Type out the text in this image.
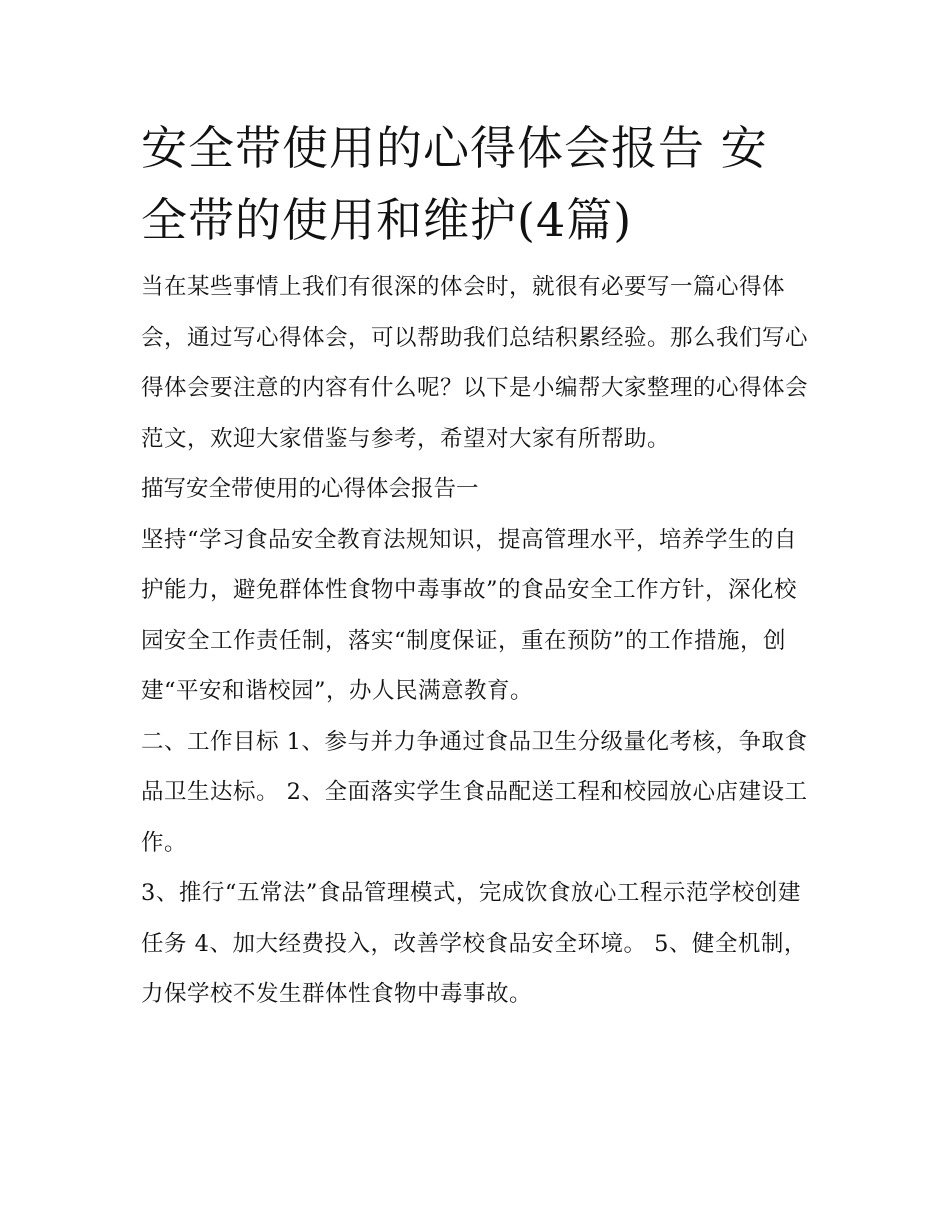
安全带使用的心得体会报告 安全带的使用和维护(4篇)

当在某些事情上我们有很深的体会时，就很有必要写一篇心得体会，通过写心得体会，可以帮助我们总结积累经验。那么我们写心得体会要注意的内容有什么呢？以下是小编帮大家整理的心得体会范文，欢迎大家借鉴与参考，希望对大家有所帮助。

描写安全带使用的心得体会报告一

坚持“学习食品安全教育法规知识，提高管理水平，培养学生的自护能力，避免群体性食物中毒事故”的食品安全工作方针，深化校园安全工作责任制，落实“制度保证，重在预防”的工作措施，创建“平安和谐校园”，办人民满意教育。

二、工作目标 1、参与并力争通过食品卫生分级量化考核，争取食品卫生达标。 2、全面落实学生食品配送工程和校园放心店建设工作。

3、推行“五常法”食品管理模式，完成饮食放心工程示范学校创建任务 4、加大经费投入，改善学校食品安全环境。 5、健全机制，力保学校不发生群体性食物中毒事故。
